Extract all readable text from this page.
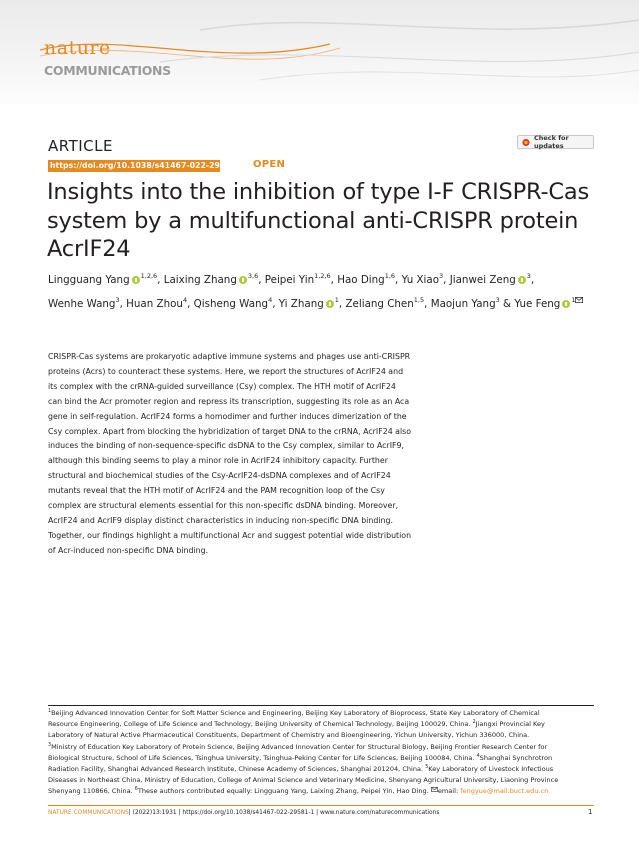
nature
COMMUNICATIONS
ARTICLE	Check for updates
https://doi.org/10.1038/s41467-022-29581-1 OPEN
Insights into the inhibition of type I-F CRISPR-Cas
system by a multifunctional anti-CRISPR protein
AcrIF24
Lingguang Yang $^{1,2,6}$, Laixing Zhang $^{3,6}$, Peipei Yin$^{1,2,6}$, Hao Ding$^{1,6}$, Yu Xiao$^3$, Jianwei Zeng $^3$,
Wenhe Wang$^3$, Huan Zhou$^4$, Qisheng Wang$^4$, Yi Zhang $^1$, Zeliang Chen$^{1,5}$, Maojun Yang$^3$ & Yue Feng $^1$
CRISPR-Cas systems are prokaryotic adaptive immune systems and phages use anti-CRISPR
proteins (Acrs) to counteract these systems. Here, we report the structures of AcrIF24 and
its complex with the crRNA-guided surveillance (Csy) complex. The HTH motif of AcrIF24
can bind the Acr promoter region and repress its transcription, suggesting its role as an Aca
gene in self-regulation. AcrIF24 forms a homodimer and further induces dimerization of the
Csy complex. Apart from blocking the hybridization of target DNA to the crRNA, AcrIF24 also
induces the binding of non-sequence-specific dsDNA to the Csy complex, similar to AcrIF9,
although this binding seems to play a minor role in AcrIF24 inhibitory capacity. Further
structural and biochemical studies of the Csy-AcrIF24-dsDNA complexes and of AcrIF24
mutants reveal that the HTH motif of AcrIF24 and the PAM recognition loop of the Csy
complex are structural elements essential for this non-specific dsDNA binding. Moreover,
AcrIF24 and AcrIF9 display distinct characteristics in inducing non-specific DNA binding.
Together, our findings highlight a multifunctional Acr and suggest potential wide distribution
of Acr-induced non-specific DNA binding.
$^1$Beijing Advanced Innovation Center for Soft Matter Science and Engineering, Beijing Key Laboratory of Bioprocess, State Key Laboratory of Chemical
Resource Engineering, College of Life Science and Technology, Beijing University of Chemical Technology, Beijing 100029, China. $^2$Jiangxi Provincial Key
Laboratory of Natural Active Pharmaceutical Constituents, Department of Chemistry and Bioengineering, Yichun University, Yichun 336000, China.
$^3$Ministry of Education Key Laboratory of Protein Science, Beijing Advanced Innovation Center for Structural Biology, Beijing Frontier Research Center for
Biological Structure, School of Life Sciences, Tsinghua University, Tsinghua-Peking Center for Life Sciences, Beijing 100084, China. $^4$Shanghai Synchrotron
Radiation Facility, Shanghai Advanced Research Institute, Chinese Academy of Sciences, Shanghai 201204, China. $^5$Key Laboratory of Livestock Infectious
Diseases in Northeast China, Ministry of Education, College of Animal Science and Veterinary Medicine, Shenyang Agricultural University, Liaoning Province
Shenyang 110866, China. $^6$These authors contributed equally: Lingguang Yang, Laixing Zhang, Peipei Yin, Hao Ding. email: fengyue@mail.buct.edu.cn
NATURE COMMUNICATIONS| (2022)13:1931 | https://doi.org/10.1038/s41467-022-29581-1 | www.nature.com/naturecommunications	1
